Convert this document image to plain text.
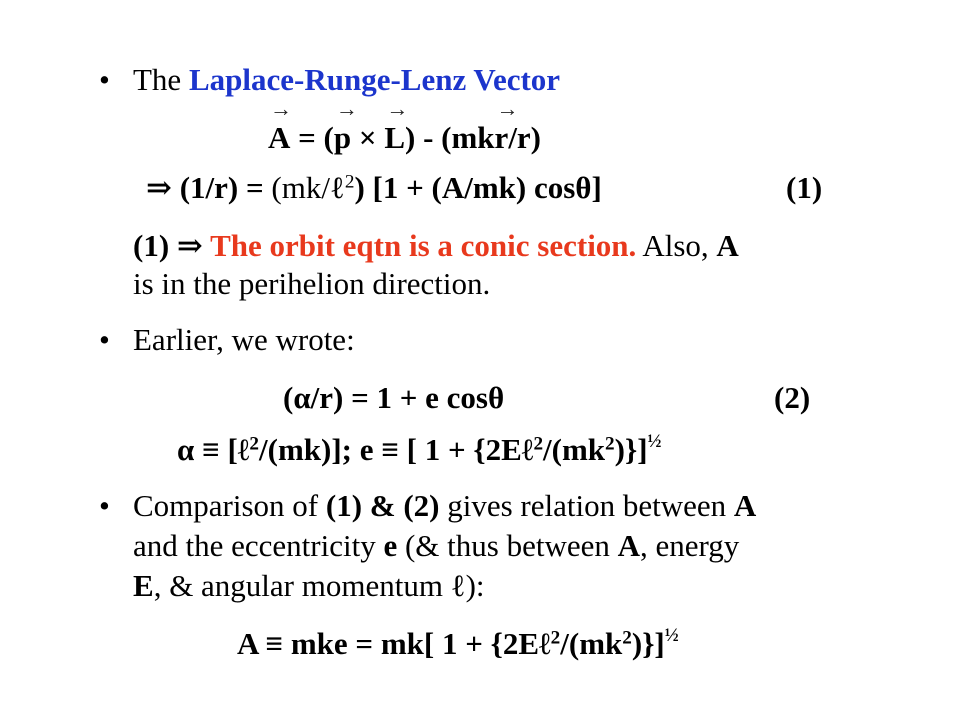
• The Laplace-Runge-Lenz Vector
→
A = (
→
p ×
→
L) - (mk
→
r/r)
⇒ (1/r) = (mk/ℓ$^2$) [1 + (A/mk) cosθ]	(1)
(1) ⇒ The orbit eqtn is a conic section. Also, A
is in the perihelion direction.
• Earlier, we wrote:
(α/r) = 1 + e cosθ	(2)
α ≡ [ℓ$^2$/(mk)]; e ≡ [ $1 + \{2E\ell^2/(mk^2)\}]^{\frac{1}{2}}$
• Comparison of (1) & (2) gives relation between A
and the eccentricity e (& thus between A, energy
E, & angular momentum ℓ):
A ≡ mke = mk[ $1 + \{2E\ell^2/(mk^2)\}]^{\frac{1}{2}}$
